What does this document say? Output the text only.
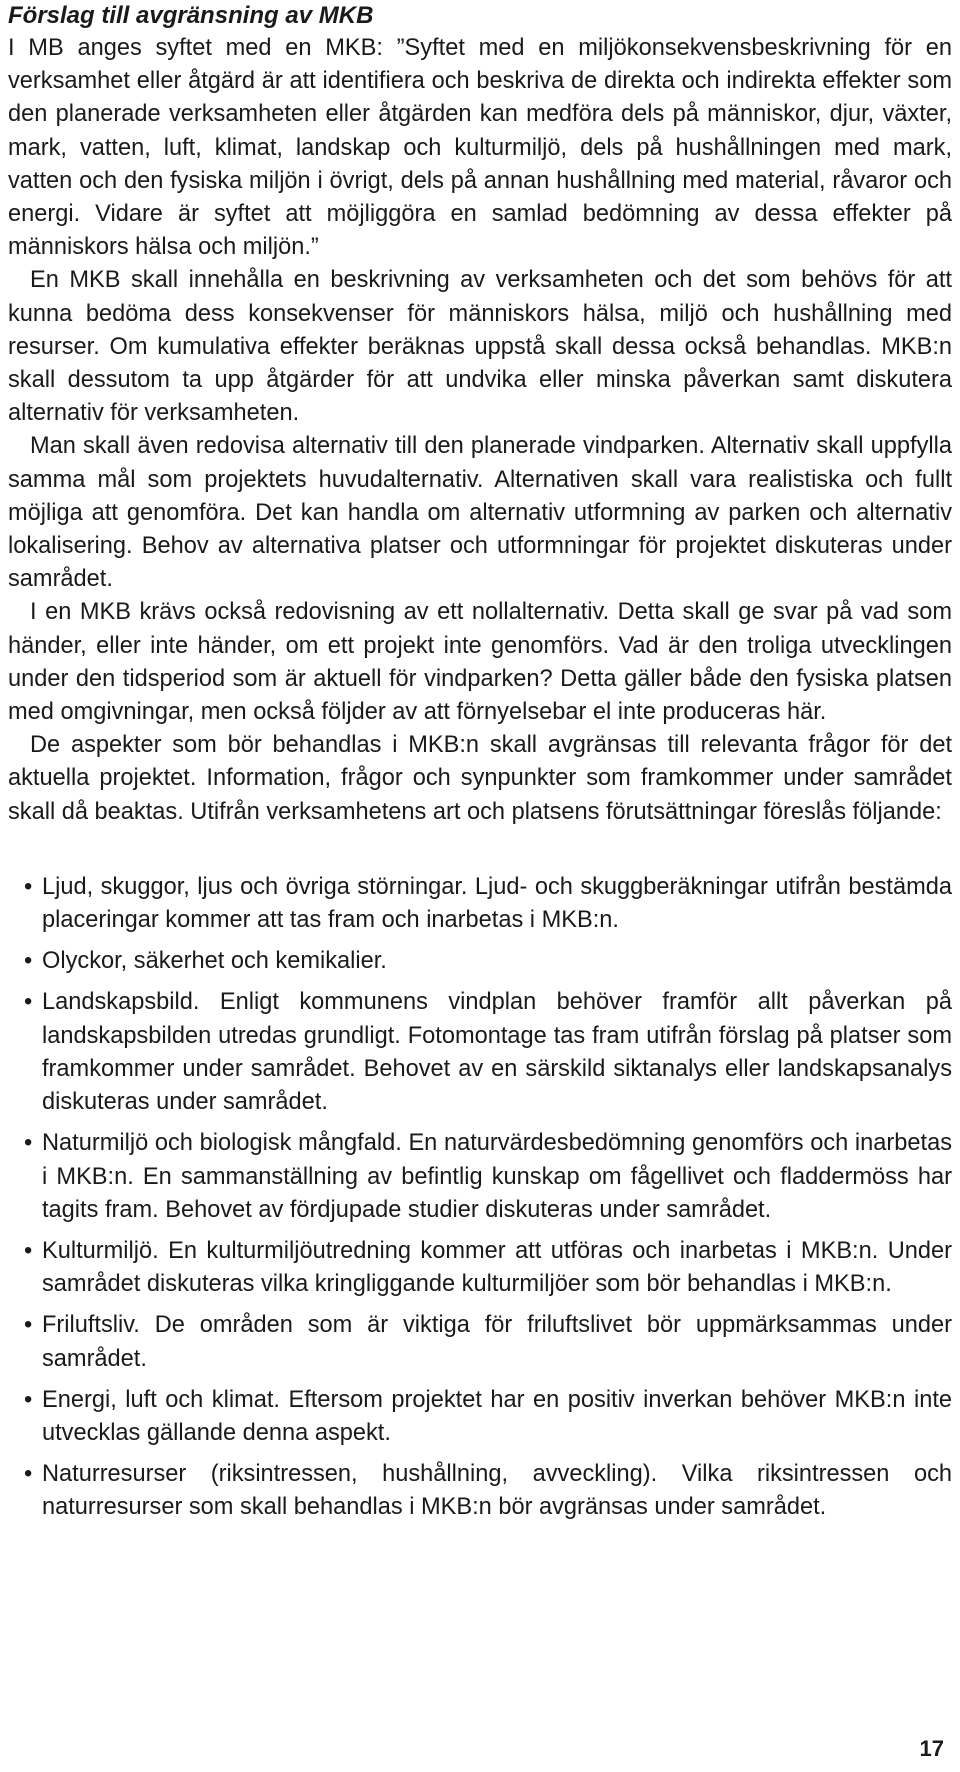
Förslag till avgränsning av MKB

I MB anges syftet med en MKB: ”Syftet med en miljökonsekvensbeskrivning för en verksamhet eller åtgärd är att identifiera och beskriva de direkta och indirekta effekter som den planerade verksamheten eller åtgärden kan medföra dels på människor, djur, växter, mark, vatten, luft, klimat, landskap och kulturmiljö, dels på hushållningen med mark, vatten och den fysiska miljön i övrigt, dels på annan hushållning med material, råvaror och energi. Vidare är syftet att möjliggöra en samlad bedömning av dessa effekter på människors hälsa och miljön.”

En MKB skall innehålla en beskrivning av verksamheten och det som behövs för att kunna bedöma dess konsekvenser för människors hälsa, miljö och hushållning med resurser. Om kumulativa effekter beräknas uppstå skall dessa också behandlas. MKB:n skall dessutom ta upp åtgärder för att undvika eller minska påverkan samt diskutera alternativ för verksamheten.

Man skall även redovisa alternativ till den planerade vindparken. Alternativ skall uppfylla samma mål som projektets huvudalternativ. Alternativen skall vara realistiska och fullt möjliga att genomföra. Det kan handla om alternativ utformning av parken och alternativ lokalisering. Behov av alternativa platser och utformningar för projektet diskuteras under samrådet.

I en MKB krävs också redovisning av ett nollalternativ. Detta skall ge svar på vad som händer, eller inte händer, om ett projekt inte genomförs. Vad är den troliga utvecklingen under den tidsperiod som är aktuell för vindparken? Detta gäller både den fysiska platsen med omgivningar, men också följder av att förnyelsebar el inte produceras här.

De aspekter som bör behandlas i MKB:n skall avgränsas till relevanta frågor för det aktuella projektet. Information, frågor och synpunkter som framkommer under samrådet skall då beaktas. Utifrån verksamhetens art och platsens förutsättningar föreslås följande:

• Ljud, skuggor, ljus och övriga störningar. Ljud- och skuggberäkningar utifrån bestämda placeringar kommer att tas fram och inarbetas i MKB:n.
• Olyckor, säkerhet och kemikalier.
• Landskapsbild. Enligt kommunens vindplan behöver framför allt påverkan på landskapsbilden utredas grundligt. Fotomontage tas fram utifrån förslag på platser som framkommer under samrådet. Behovet av en särskild siktanalys eller landskapsanalys diskuteras under samrådet.
• Naturmiljö och biologisk mångfald. En naturvärdesbedömning genomförs och inarbetas i MKB:n. En sammanställning av befintlig kunskap om fågellivet och fladdermöss har tagits fram. Behovet av fördjupade studier diskuteras under samrådet.
• Kulturmiljö. En kulturmiljöutredning kommer att utföras och inarbetas i MKB:n. Under samrådet diskuteras vilka kringliggande kulturmiljöer som bör behandlas i MKB:n.
• Friluftsliv. De områden som är viktiga för friluftslivet bör uppmärksammas under samrådet.
• Energi, luft och klimat. Eftersom projektet har en positiv inverkan behöver MKB:n inte utvecklas gällande denna aspekt.
• Naturresurser (riksintressen, hushållning, avveckling). Vilka riksintressen och naturresurser som skall behandlas i MKB:n bör avgränsas under samrådet.
17
